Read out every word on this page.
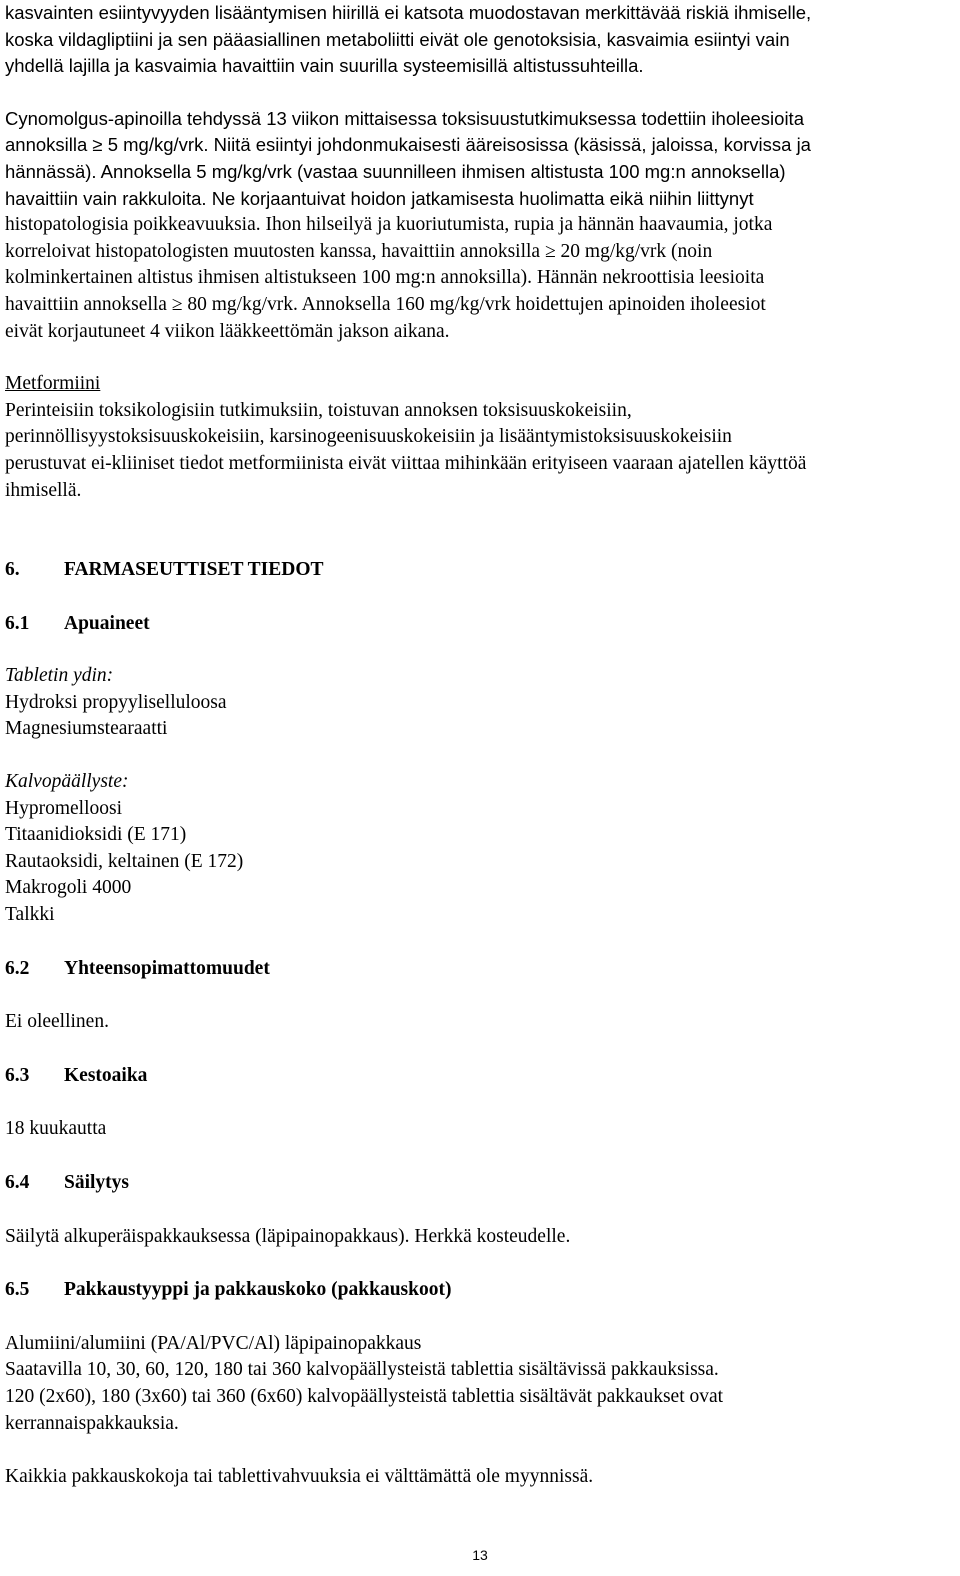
kasvainten esiintyvyyden lisääntymisen hiirillä ei katsota muodostavan merkittävää riskiä ihmiselle,
koska vildagliptiini ja sen pääasiallinen metaboliitti eivät ole genotoksisia, kasvaimia esiintyi vain
yhdellä lajilla ja kasvaimia havaittiin vain suurilla systeemisillä altistussuhteilla.

Cynomolgus-apinoilla tehdyssä 13 viikon mittaisessa toksisuustutkimuksessa todettiin iholeesioita
annoksilla ≥ 5 mg/kg/vrk. Niitä esiintyi johdonmukaisesti ääreisosissa (käsissä, jaloissa, korvissa ja
hännässä). Annoksella 5 mg/kg/vrk (vastaa suunnilleen ihmisen altistusta 100 mg:n annoksella)
havaittiin vain rakkuloita. Ne korjaantuivat hoidon jatkamisesta huolimatta eikä niihin liittynyt
histopatologisia poikkeavuuksia. Ihon hilseilyä ja kuoriutumista, rupia ja hännän haavaumia, jotka
korreloivat histopatologisten muutosten kanssa, havaittiin annoksilla ≥ 20 mg/kg/vrk (noin
kolminkertainen altistus ihmisen altistukseen 100 mg:n annoksilla). Hännän nekroottisia leesioita
havaittiin annoksella ≥ 80 mg/kg/vrk. Annoksella 160 mg/kg/vrk hoidettujen apinoiden iholeesiot
eivät korjautuneet 4 viikon lääkkeettömän jakson aikana.

Metformiini

Perinteisiin toksikologisiin tutkimuksiin, toistuvan annoksen toksisuuskokeisiin,
perinnöllisyystoksisuuskokeisiin, karsinogeenisuuskokeisiin ja lisääntymistoksisuuskokeisiin
perustuvat ei-kliiniset tiedot metformiinista eivät viittaa mihinkään erityiseen vaaraan ajatellen käyttöä
ihmisellä.

6.	FARMASEUTTISET TIEDOT
6.1	Apuaineet

Tabletin ydin:

Hydroksi propyyliselluloosa
Magnesiumstearaatti

Kalvopäällyste:

Hypromelloosi
Titaanidioksidi (E 171)
Rautaoksidi, keltainen (E 172)
Makrogoli 4000
Talkki

6.2	Yhteensopimattomuudet

Ei oleellinen.

6.3	Kestoaika

18 kuukautta

6.4	Säilytys

Säilytä alkuperäispakkauksessa (läpipainopakkaus). Herkkä kosteudelle.

6.5	Pakkaustyyppi ja pakkauskoko (pakkauskoot)

Alumiini/alumiini (PA/Al/PVC/Al) läpipainopakkaus
Saatavilla 10, 30, 60, 120, 180 tai 360 kalvopäällysteistä tablettia sisältävissä pakkauksissa.
120 (2x60), 180 (3x60) tai 360 (6x60) kalvopäällysteistä tablettia sisältävät pakkaukset ovat
kerrannaispakkauksia.

Kaikkia pakkauskokoja tai tablettivahvuuksia ei välttämättä ole myynnissä.

13
